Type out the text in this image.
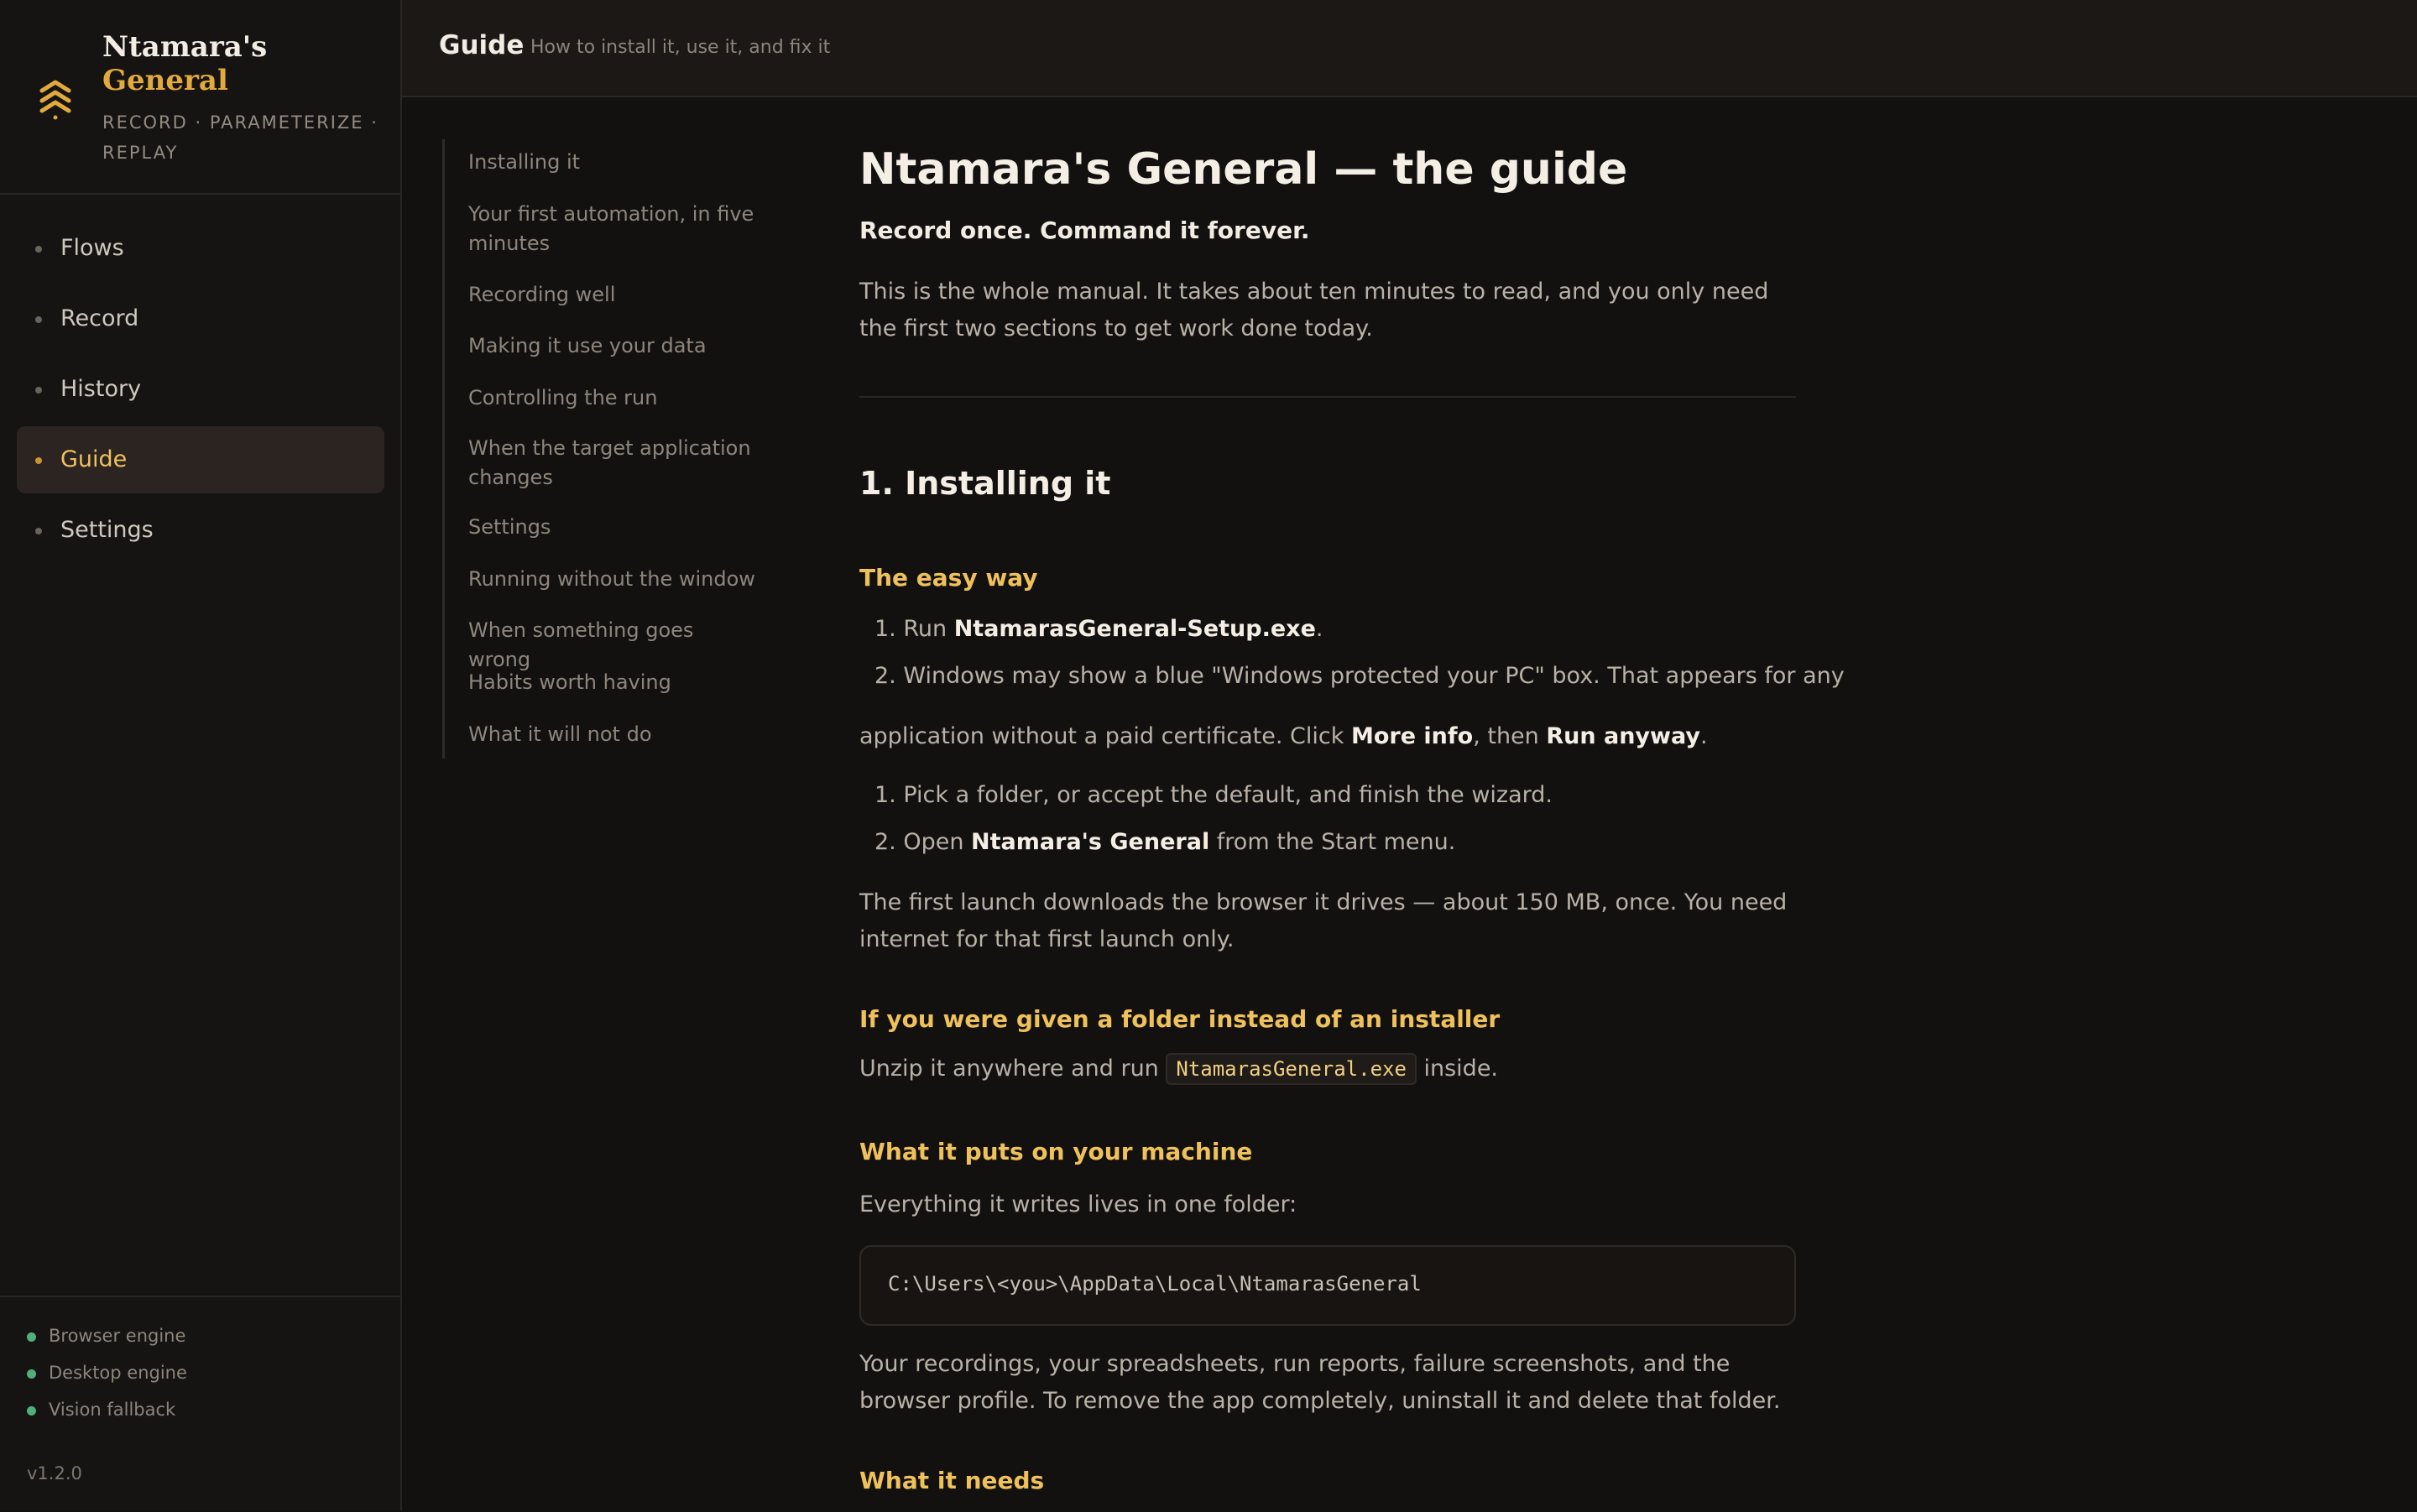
Ntamara's
General
RECORD · PARAMETERIZE · REPLAY
Flows
Record
History
Guide
Settings
Browser engine
Desktop engine
Vision fallback
v1.2.0
Guide How to install it, use it, and fix it
Installing it
Your first automation, in five minutes
Recording well
Making it use your data
Controlling the run
When the target application changes
Settings
Running without the window
When something goes wrong
Habits worth having
What it will not do
Ntamara's General — the guide
Record once. Command it forever.
This is the whole manual. It takes about ten minutes to read, and you only need the first two sections to get work done today.
1. Installing it
The easy way
1. Run NtamarasGeneral-Setup.exe.
2. Windows may show a blue "Windows protected your PC" box. That appears for any
application without a paid certificate. Click More info, then Run anyway.
1. Pick a folder, or accept the default, and finish the wizard.
2. Open Ntamara's General from the Start menu.
The first launch downloads the browser it drives — about 150 MB, once. You need internet for that first launch only.
If you were given a folder instead of an installer
Unzip it anywhere and run NtamarasGeneral.exe inside.
What it puts on your machine
Everything it writes lives in one folder:
C:\Users\<you>\AppData\Local\NtamarasGeneral
Your recordings, your spreadsheets, run reports, failure screenshots, and the browser profile. To remove the app completely, uninstall it and delete that folder.
What it needs
